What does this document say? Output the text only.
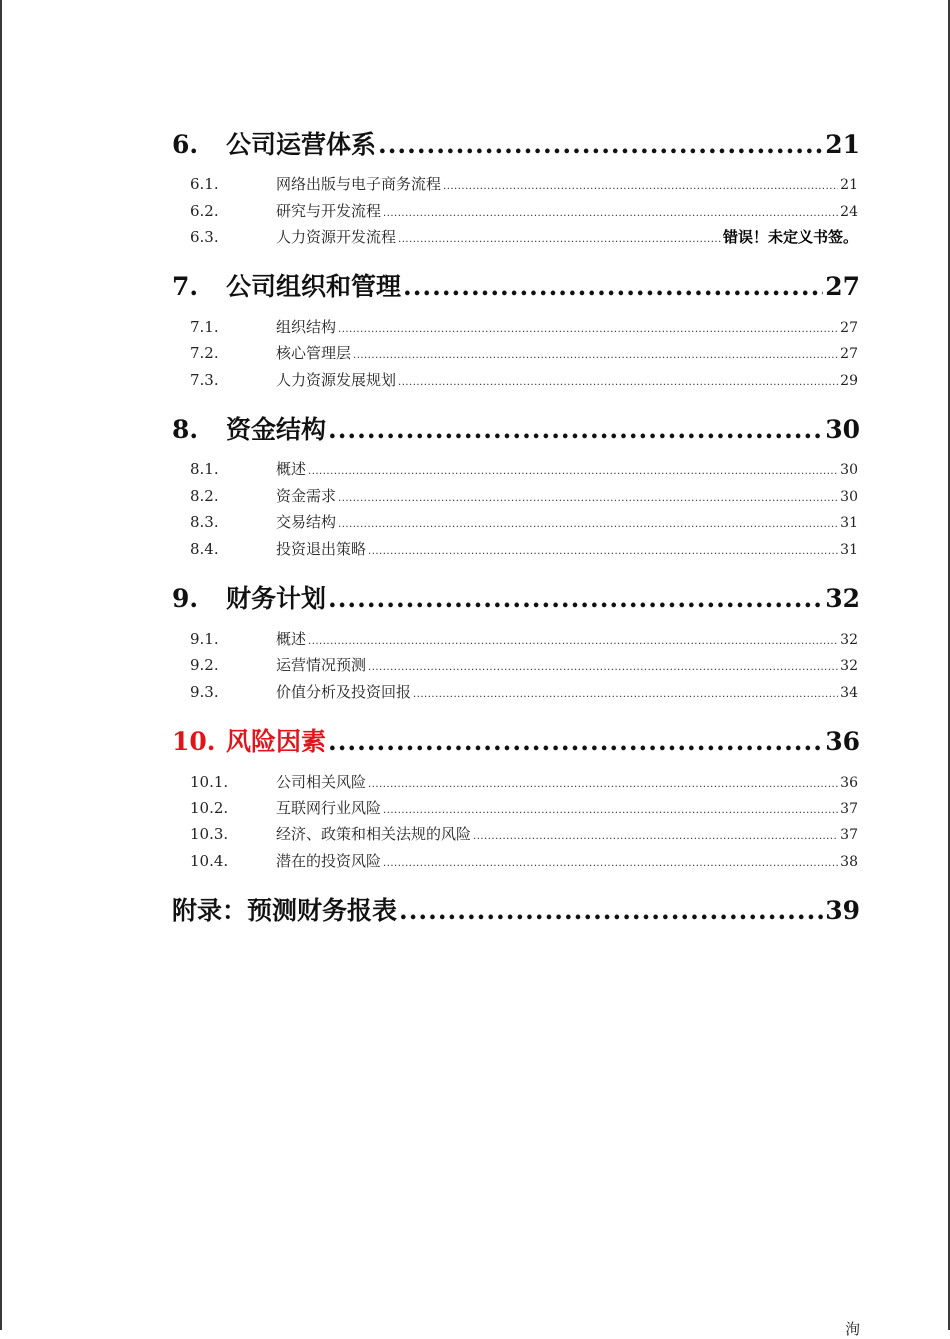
6.	公司运营体系 .....	21
6.1.	网络出版与电子商务流程 .....	21
6.2.	研究与开发流程 .....	24
6.3.	人力资源开发流程 .....	错误！未定义书签。
7.	公司组织和管理 .....	27
7.1.	组织结构 .....	27
7.2.	核心管理层 .....	27
7.3.	人力资源发展规划 .....	29
8.	资金结构 .....	30
8.1.	概述 .....	30
8.2.	资金需求 .....	30
8.3.	交易结构 .....	31
8.4.	投资退出策略 .....	31
9.	财务计划 .....	32
9.1.	概述 .....	32
9.2.	运营情况预测 .....	32
9.3.	价值分析及投资回报 .....	34
10. 风险因素 .....	36
10.1.	公司相关风险 .....	36
10.2.	互联网行业风险 .....	37
10.3.	经济、政策和相关法规的风险 .....	37
10.4.	潜在的投资风险 .....	38
附录：预测财务报表 .....	39
洵
